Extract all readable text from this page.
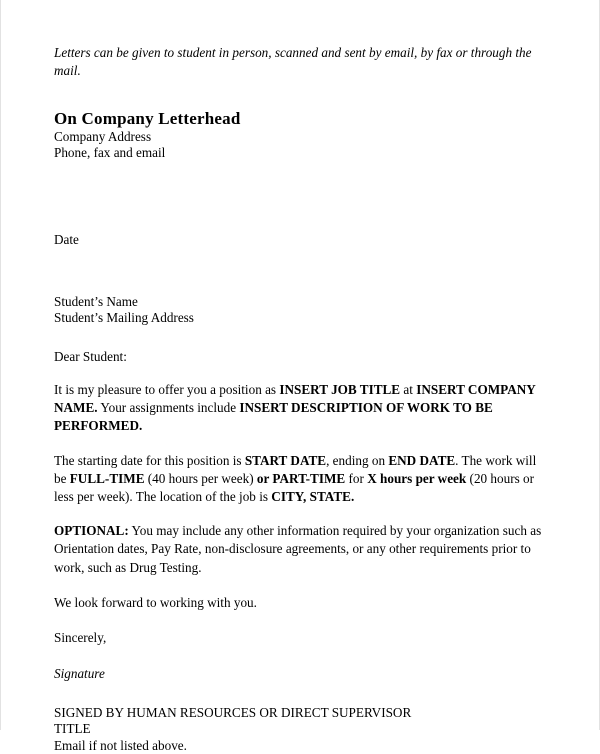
Letters can be given to student in person, scanned and sent by email, by fax or through the mail.

On Company Letterhead

Company Address

Phone, fax and email

Date

Student’s Name

Student’s Mailing Address

Dear Student:

It is my pleasure to offer you a position as INSERT JOB TITLE at INSERT COMPANY NAME. Your assignments include INSERT DESCRIPTION OF WORK TO BE PERFORMED.

The starting date for this position is START DATE, ending on END DATE. The work will be FULL-TIME (40 hours per week) or PART-TIME for X hours per week (20 hours or less per week). The location of the job is CITY, STATE.

OPTIONAL: You may include any other information required by your organization such as Orientation dates, Pay Rate, non-disclosure agreements, or any other requirements prior to work, such as Drug Testing.

We look forward to working with you.

Sincerely,

Signature

SIGNED BY HUMAN RESOURCES OR DIRECT SUPERVISOR

TITLE

Email if not listed above.
